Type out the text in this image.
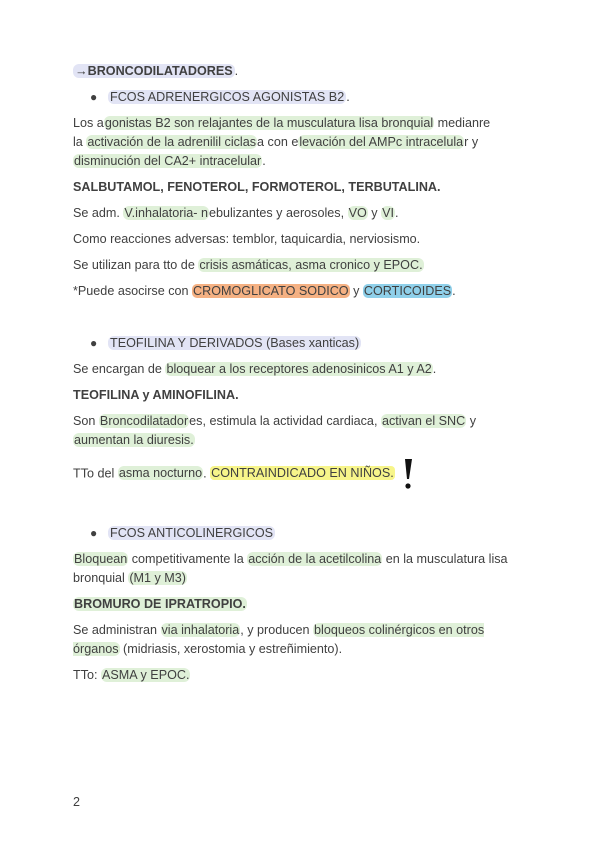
→BRONCODILATADORES .

● FCOS ADRENERGICOS AGONISTAS B2 .

Los agonistas B2 son relajantes de la musculatura lisa bronquial medianre
la activación de la adrenilil ciclasa con elevación del AMPc intracelular y
disminución del CA2+ intracelular.

SALBUTAMOL, FENOTEROL, FORMOTEROL, TERBUTALINA.

Se adm. V.inhalatoria- nebulizantes y aerosoles, VO y VI.

Como reacciones adversas: temblor, taquicardia, nerviosismo.

Se utilizan para tto de crisis asmáticas, asma cronico y EPOC.

*Puede asocirse con CROMOGLICATO SODICO y CORTICOIDES.

● TEOFILINA Y DERIVADOS (Bases xanticas)

Se encargan de bloquear a los receptores adenosinicos A1 y A2.

TEOFILINA y AMINOFILINA.

Son Broncodilatadores, estimula la actividad cardiaca, activan el SNC y
aumentan la diuresis.

TTo del asma nocturno. CONTRAINDICADO EN NIÑOS.

● FCOS ANTICOLINERGICOS

Bloquean competitivamente la acción de la acetilcolina en la musculatura lisa bronquial (M1 y M3)

BROMURO DE IPRATROPIO.

Se administran via inhalatoria, y producen bloqueos colinérgicos en otros órganos (midriasis, xerostomia y estreñimiento).

TTo: ASMA y EPOC.

2
